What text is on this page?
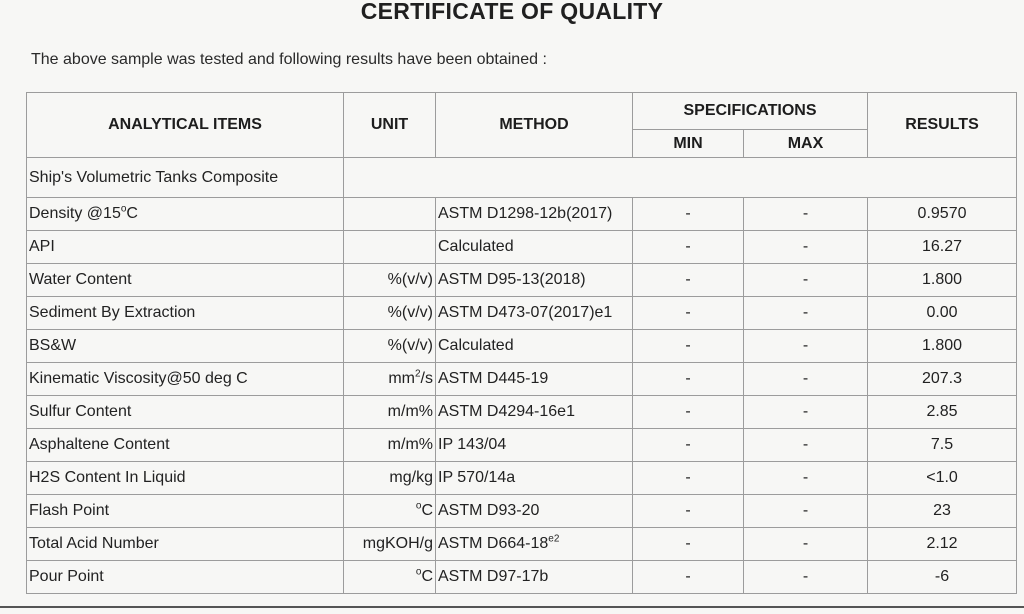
CERTIFICATE OF QUALITY
The above sample was tested and following results have been obtained :
ANALYTICAL ITEMS	UNIT	METHOD	SPECIFICATIONS		RESULTS
			MIN	MAX	
Ship's Volumetric Tanks Composite					
Density @15$^o$C		ASTM D1298-12b(2017)	-	-	0.9570
API		Calculated	-	-	16.27
Water Content	%(v/v)	ASTM D95-13(2018)	-	-	1.800
Sediment By Extraction	%(v/v)	ASTM D473-07(2017)e1	-	-	0.00
BS&W	%(v/v)	Calculated	-	-	1.800
Kinematic Viscosity@50 deg C	$mm^2/s$	ASTM D445-19	-	-	207.3
Sulfur Content	m/m%	ASTM D4294-16e1	-	-	2.85
Asphaltene Content	m/m%	IP 143/04	-	-	7.5
H2S Content In Liquid	mg/kg	IP 570/14a	-	-	<1.0
Flash Point	$^o$C	ASTM D93-20	-	-	23
Total Acid Number	mgKOH/g	ASTM $D664-18^{e2}$	-	-	2.12
Pour Point	$^o$C	ASTM D97-17b	-	-	-6
